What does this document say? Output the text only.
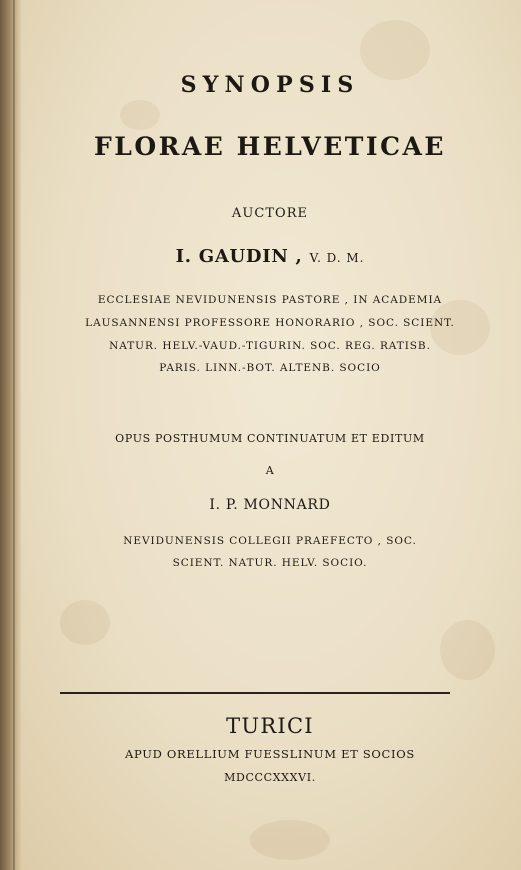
SYNOPSIS
FLORAE HELVETICAE
AUCTORE
I. GAUDIN , V. D. M.
ECCLESIAE NEVIDUNENSIS PASTORE , IN ACADEMIA
LAUSANNENSI PROFESSORE HONORARIO , SOC. SCIENT.
NATUR. HELV.-VAUD.-TIGURIN. SOC. REG. RATISB.
PARIS. LINN.-BOT. ALTENB. SOCIO
OPUS POSTHUMUM CONTINUATUM ET EDITUM
A
I. P. MONNARD
NEVIDUNENSIS COLLEGII PRAEFECTO , SOC.
SCIENT. NATUR. HELV. SOCIO.
TURICI
APUD ORELLIUM FUESSLINUM ET SOCIOS
MDCCCXXXVI.
